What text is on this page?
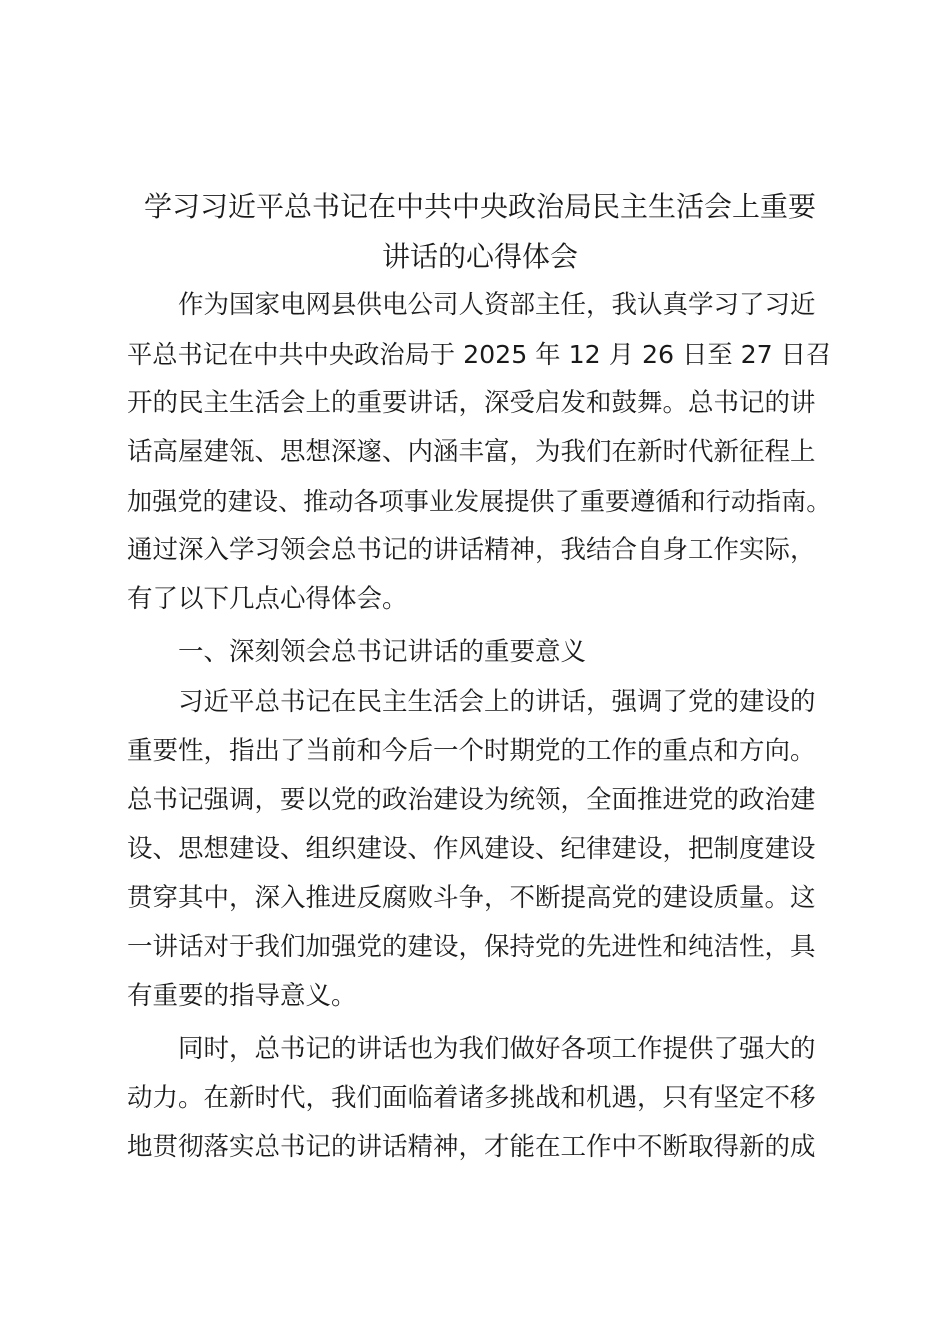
学习习近平总书记在中共中央政治局民主生活会上重要
讲话的心得体会
作为国家电网县供电公司人资部主任，我认真学习了习近
平总书记在中共中央政治局于 2025 年 12 月 26 日至 27 日召
开的民主生活会上的重要讲话，深受启发和鼓舞。总书记的讲
话高屋建瓴、思想深邃、内涵丰富，为我们在新时代新征程上
加强党的建设、推动各项事业发展提供了重要遵循和行动指南。
通过深入学习领会总书记的讲话精神，我结合自身工作实际，
有了以下几点心得体会。
一、深刻领会总书记讲话的重要意义
习近平总书记在民主生活会上的讲话，强调了党的建设的
重要性，指出了当前和今后一个时期党的工作的重点和方向。
总书记强调，要以党的政治建设为统领，全面推进党的政治建
设、思想建设、组织建设、作风建设、纪律建设，把制度建设
贯穿其中，深入推进反腐败斗争，不断提高党的建设质量。这
一讲话对于我们加强党的建设，保持党的先进性和纯洁性，具
有重要的指导意义。
同时，总书记的讲话也为我们做好各项工作提供了强大的
动力。在新时代，我们面临着诸多挑战和机遇，只有坚定不移
地贯彻落实总书记的讲话精神，才能在工作中不断取得新的成
